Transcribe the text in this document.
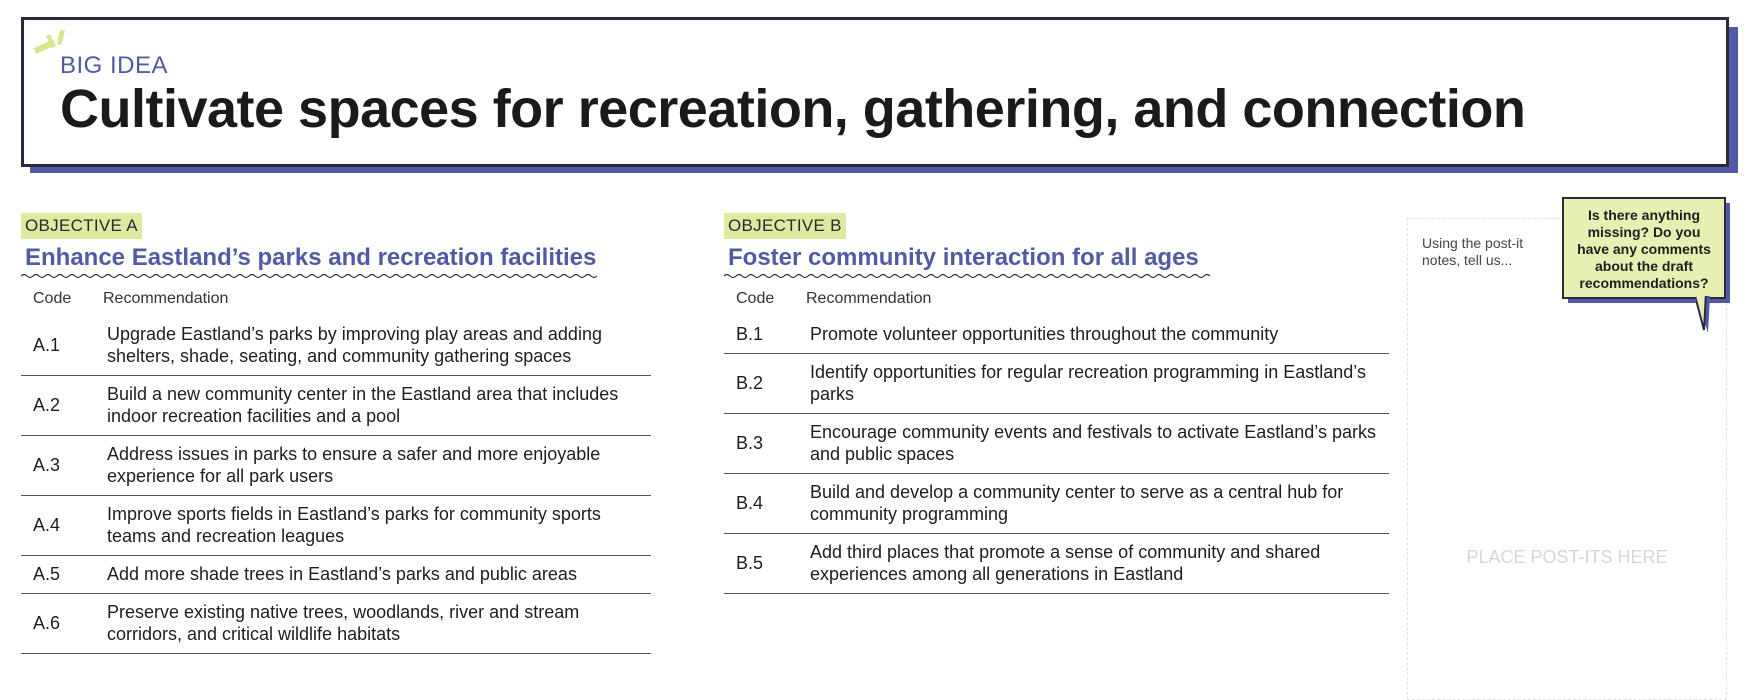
BIG IDEA
Cultivate spaces for recreation, gathering, and connection
OBJECTIVE A
Enhance Eastland’s parks and recreation facilities
Code	Recommendation
A.1	Upgrade Eastland’s parks by improving play areas and adding shelters, shade, seating, and community gathering spaces
A.2	Build a new community center in the Eastland area that includes indoor recreation facilities and a pool
A.3	Address issues in parks to ensure a safer and more enjoyable experience for all park users
A.4	Improve sports fields in Eastland’s parks for community sports teams and recreation leagues
A.5	Add more shade trees in Eastland’s parks and public areas
A.6	Preserve existing native trees, woodlands, river and stream corridors, and critical wildlife habitats
OBJECTIVE B
Foster community interaction for all ages
Code	Recommendation
B.1	Promote volunteer opportunities throughout the community
B.2	Identify opportunities for regular recreation programming in Eastland’s parks
B.3	Encourage community events and festivals to activate Eastland’s parks and public spaces
B.4	Build and develop a community center to serve as a central hub for community programming
B.5	Add third places that promote a sense of community and shared experiences among all generations in Eastland
Using the post-it notes, tell us...
PLACE POST-ITS HERE
Is there anything missing? Do you have any comments about the draft recommendations?
